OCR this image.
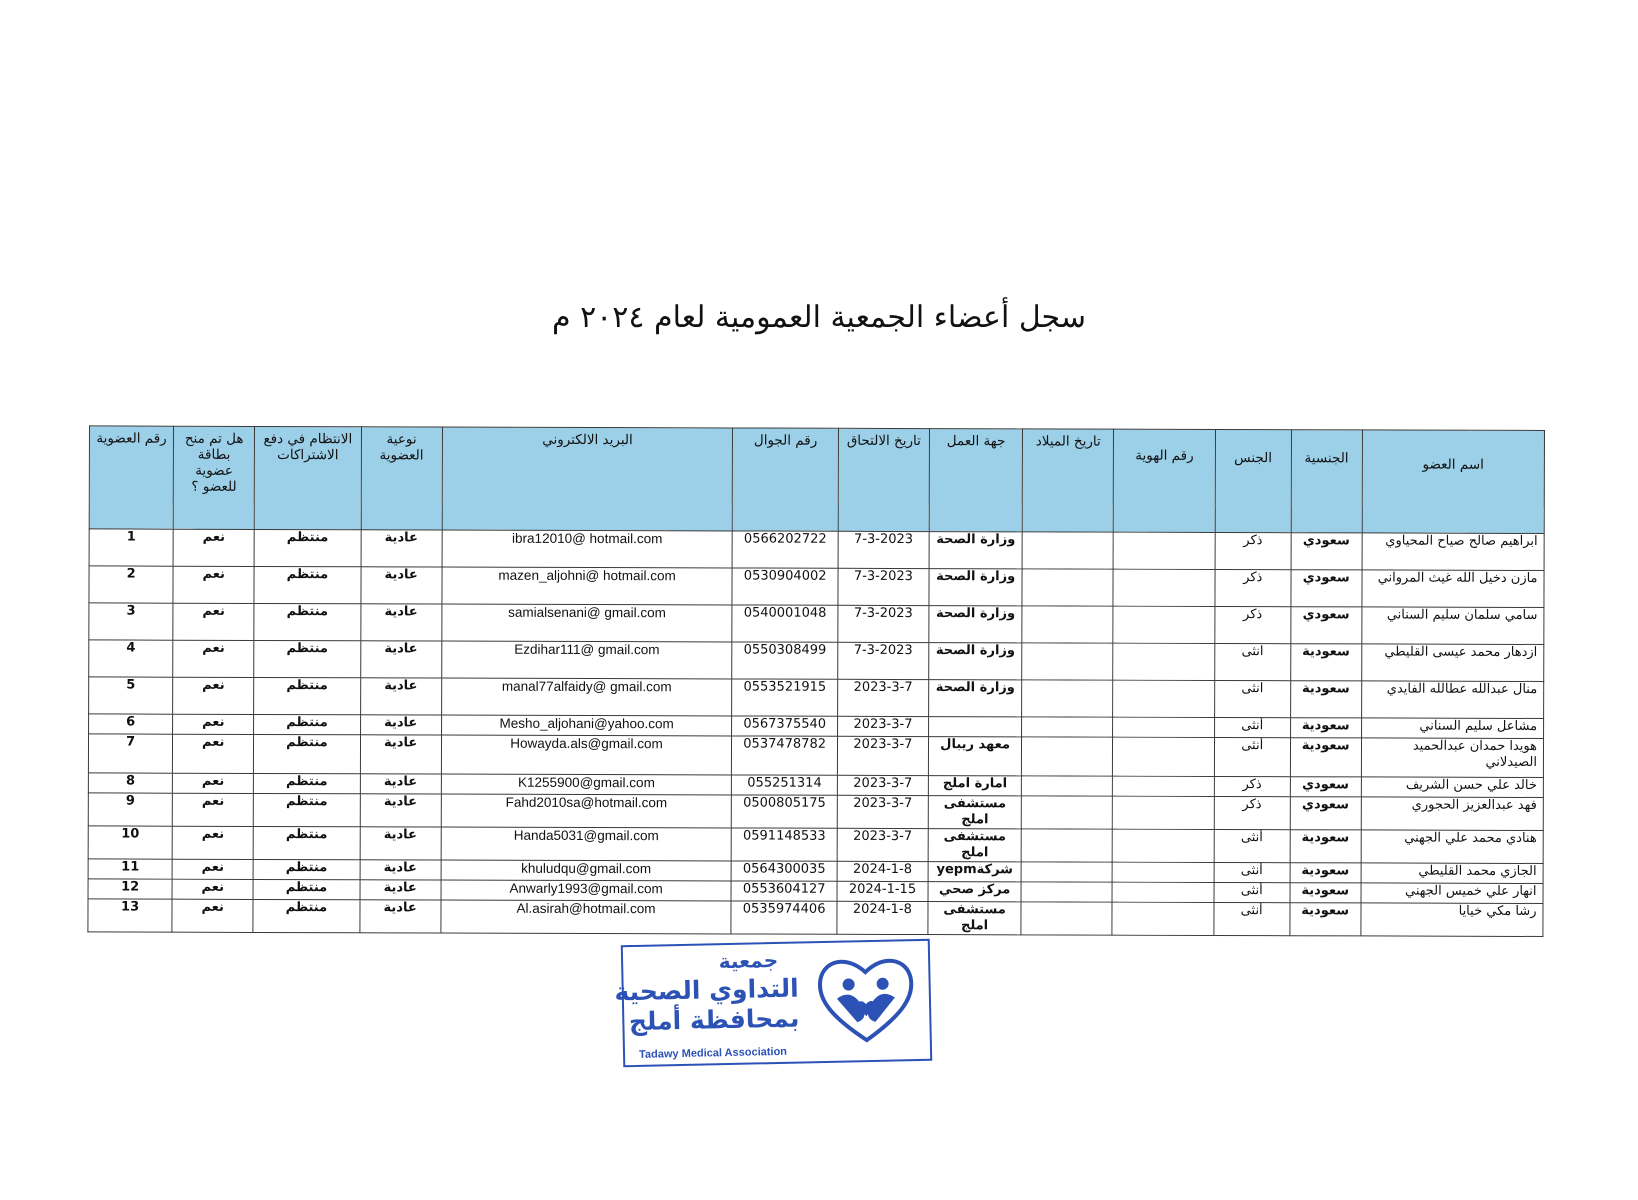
سجل أعضاء الجمعية العمومية لعام ٢٠٢٤ م
اسم العضو	الجنسية	الجنس	رقم الهوية	تاريخ الميلاد	جهة العمل	تاريخ الالتحاق	رقم الجوال	البريد الالكتروني	نوعية العضوية	الانتظام في دفع الاشتراكات	هل تم منح بطاقة عضوية للعضو ؟	رقم العضوية
ابراهيم صالح صياح المحياوي	سعودي	ذكر			وزارة الصحة	7-3-2023	0566202722	ibra12010@ hotmail.com	عادية	منتظم	نعم	1
مازن دخيل الله غيث المرواني	سعودي	ذكر			وزارة الصحة	7-3-2023	0530904002	mazen_aljohni@ hotmail.com	عادية	منتظم	نعم	2
سامي سلمان سليم السناني	سعودي	ذكر			وزارة الصحة	7-3-2023	0540001048	samialsenani@ gmail.com	عادية	منتظم	نعم	3
ازدهار محمد عيسى القليطي	سعودية	انثى			وزارة الصحة	7-3-2023	0550308499	Ezdihar111@ gmail.com	عادية	منتظم	نعم	4
منال عبدالله عطالله الفايدي	سعودية	انثى			وزارة الصحة	2023-3-7	0553521915	manal77alfaidy@ gmail.com	عادية	منتظم	نعم	5
مشاعل سليم السناني	سعودية	أنثى				2023-3-7	0567375540	Mesho_aljohani@yahoo.com	عادية	منتظم	نعم	6
هويدا حمدان عبدالحميد الصيدلاني	سعودية	أنثى			معهد ريبال	2023-3-7	0537478782	Howayda.als@gmail.com	عادية	منتظم	نعم	7
خالد علي حسن الشريف	سعودي	ذكر			امارة املج	2023-3-7	055251314	K1255900@gmail.com	عادية	منتظم	نعم	8
فهد عبدالعزيز الحجوري	سعودي	ذكر			مستشفى املج	2023-3-7	0500805175	Fahd2010sa@hotmail.com	عادية	منتظم	نعم	9
هنادي محمد علي الجهني	سعودية	أنثى			مستشفى املج	2023-3-7	0591148533	Handa5031@gmail.com	عادية	منتظم	نعم	10
الجازي محمد القليطي	سعودية	أنثى			شركةyepm	2024-1-8	0564300035	khuludqu@gmail.com	عادية	منتظم	نعم	11
انهار علي خميس الجهني	سعودية	أنثى			مركز صحي	2024-1-15	0553604127	Anwarly1993@gmail.com	عادية	منتظم	نعم	12
رشا مكي خيايا	سعودية	أنثى			مستشفى املج	2024-1-8	0535974406	Al.asirah@hotmail.com	عادية	منتظم	نعم	13
جمعية
التداوي الصحية
بمحافظة أملج
Tadawy Medical Association
